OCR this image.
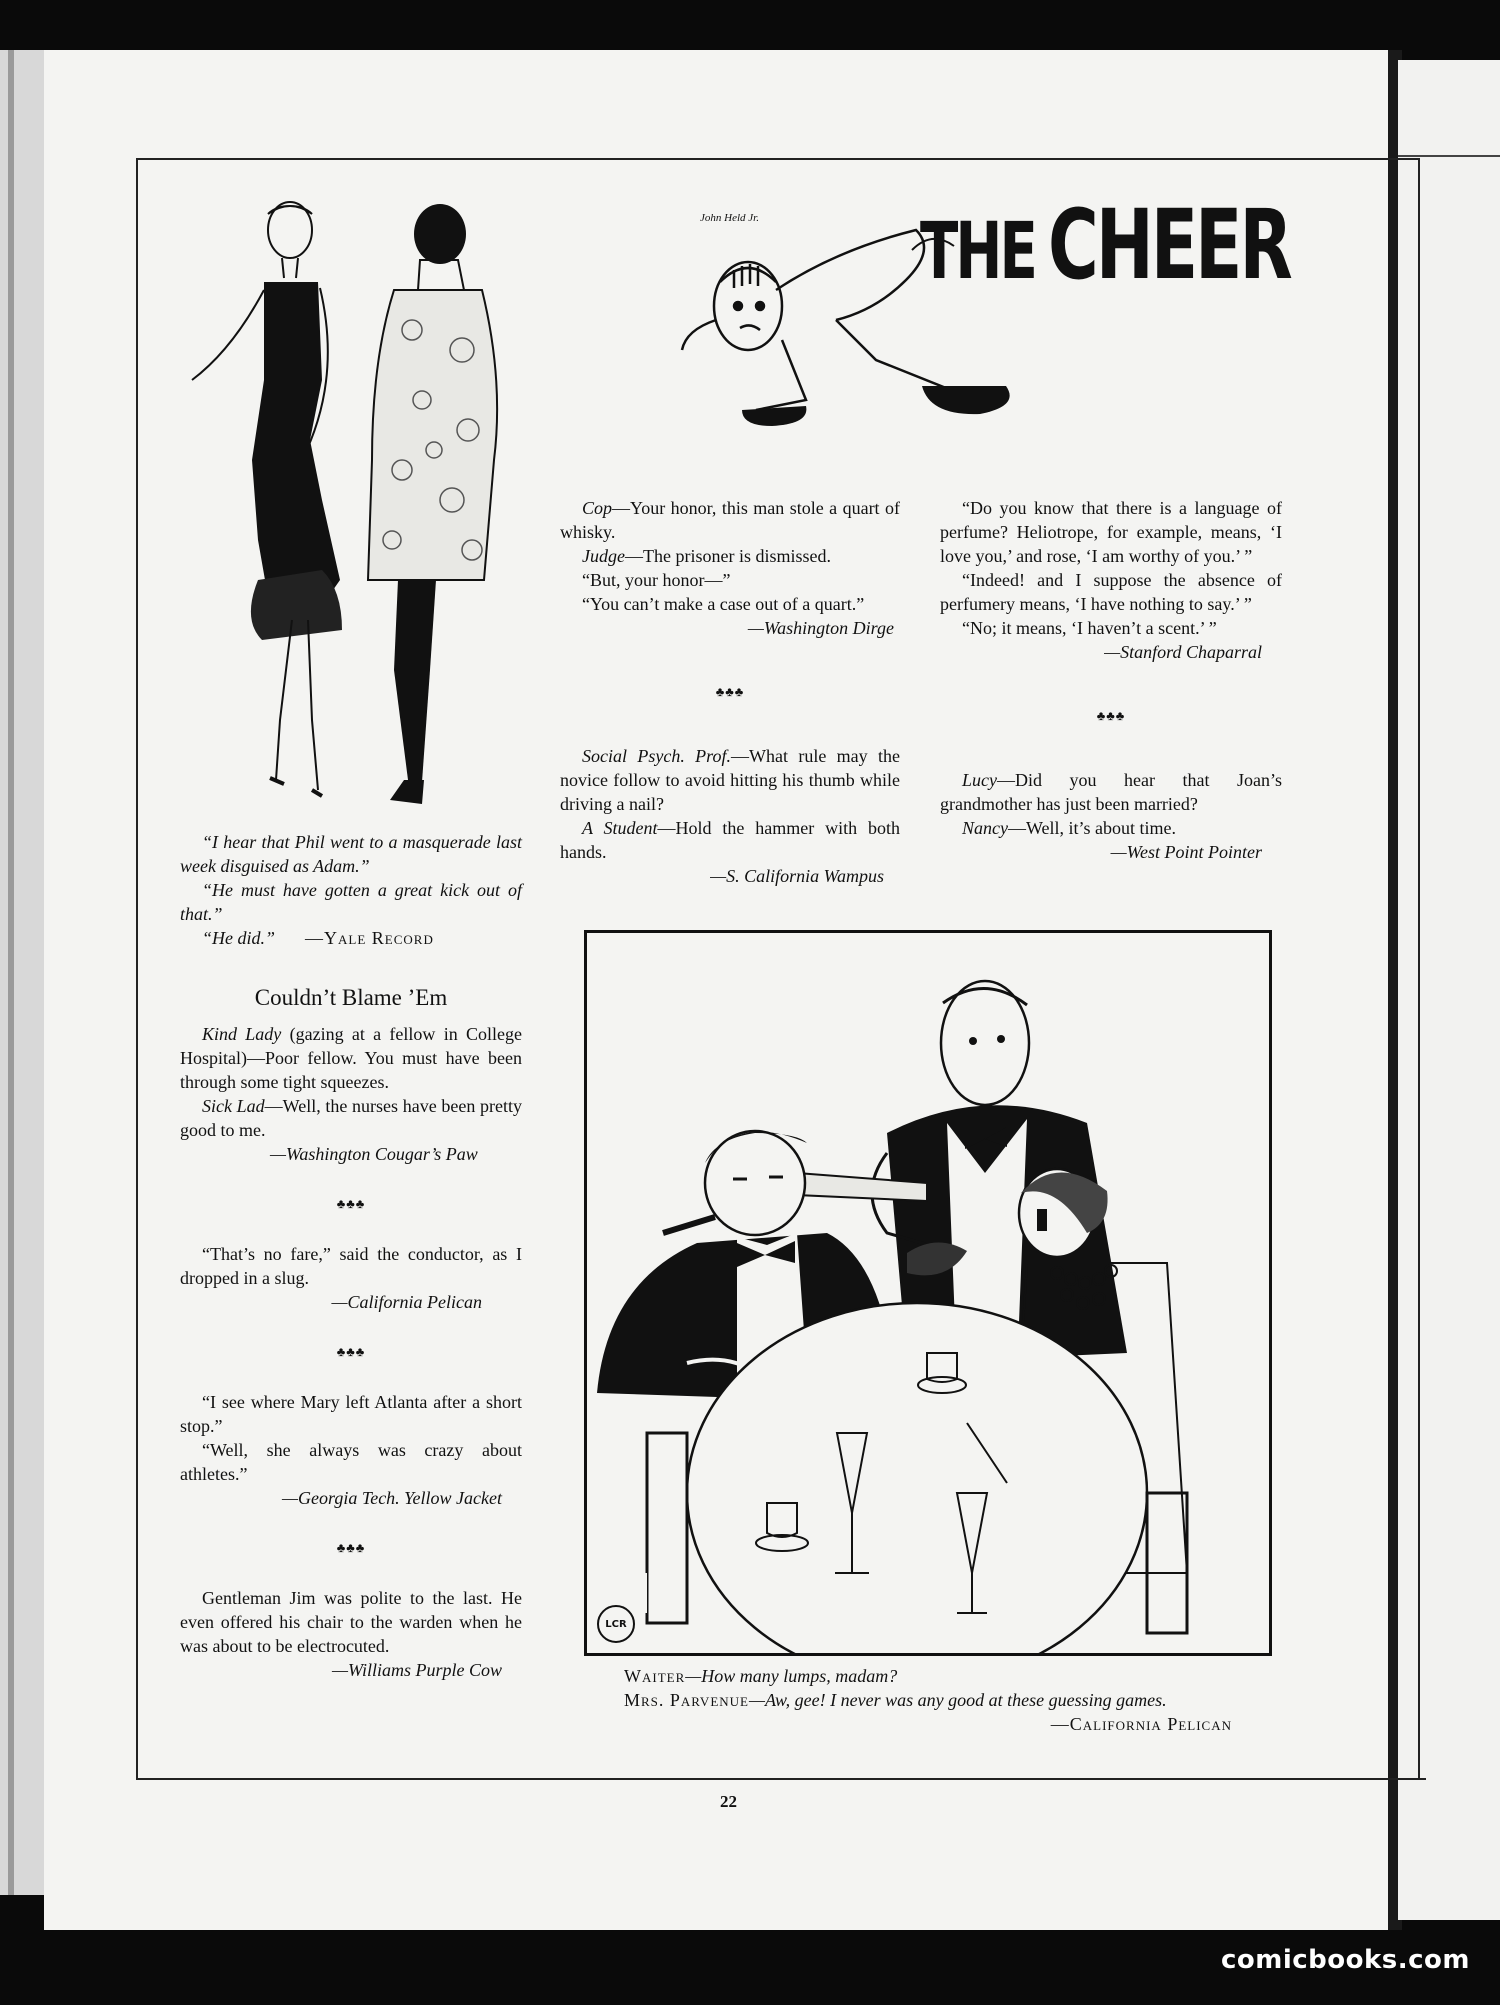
John Held Jr. THE CHEER

“I hear that Phil went to a masquerade last week disguised as Adam.”

“He must have gotten a great kick out of that.”

“He did.” —Yale Record

Couldn’t Blame ’Em

Kind Lady (gazing at a fellow in College Hospital)—Poor fellow. You must have been through some tight squeezes.

Sick Lad—Well, the nurses have been pretty good to me.

—Washington Cougar’s Paw

♣♣♣

“That’s no fare,” said the conductor, as I dropped in a slug.

—California Pelican

♣♣♣

“I see where Mary left Atlanta after a short stop.”

“Well, she always was crazy about athletes.”

—Georgia Tech. Yellow Jacket

♣♣♣

Gentleman Jim was polite to the last. He even offered his chair to the warden when he was about to be electrocuted.

—Williams Purple Cow

Cop—Your honor, this man stole a quart of whisky.

Judge—The prisoner is dismissed.

“But, your honor—”

“You can’t make a case out of a quart.”

—Washington Dirge

♣♣♣

Social Psych. Prof.—What rule may the novice follow to avoid hitting his thumb while driving a nail?

A Student—Hold the hammer with both hands.

—S. California Wampus

“Do you know that there is a language of perfume? Heliotrope, for example, means, ‘I love you,’ and rose, ‘I am worthy of you.’ ”

“Indeed! and I suppose the absence of perfumery means, ‘I have nothing to say.’ ”

“No; it means, ‘I haven’t a scent.’ ”

—Stanford Chaparral

♣♣♣

Lucy—Did you hear that Joan’s grandmother has just been married?

Nancy—Well, it’s about time.

—West Point Pointer

LCR

Waiter—How many lumps, madam?

Mrs. Parvenue—Aw, gee! I never was any good at these guessing games.

—California Pelican

22
comicbooks.com
